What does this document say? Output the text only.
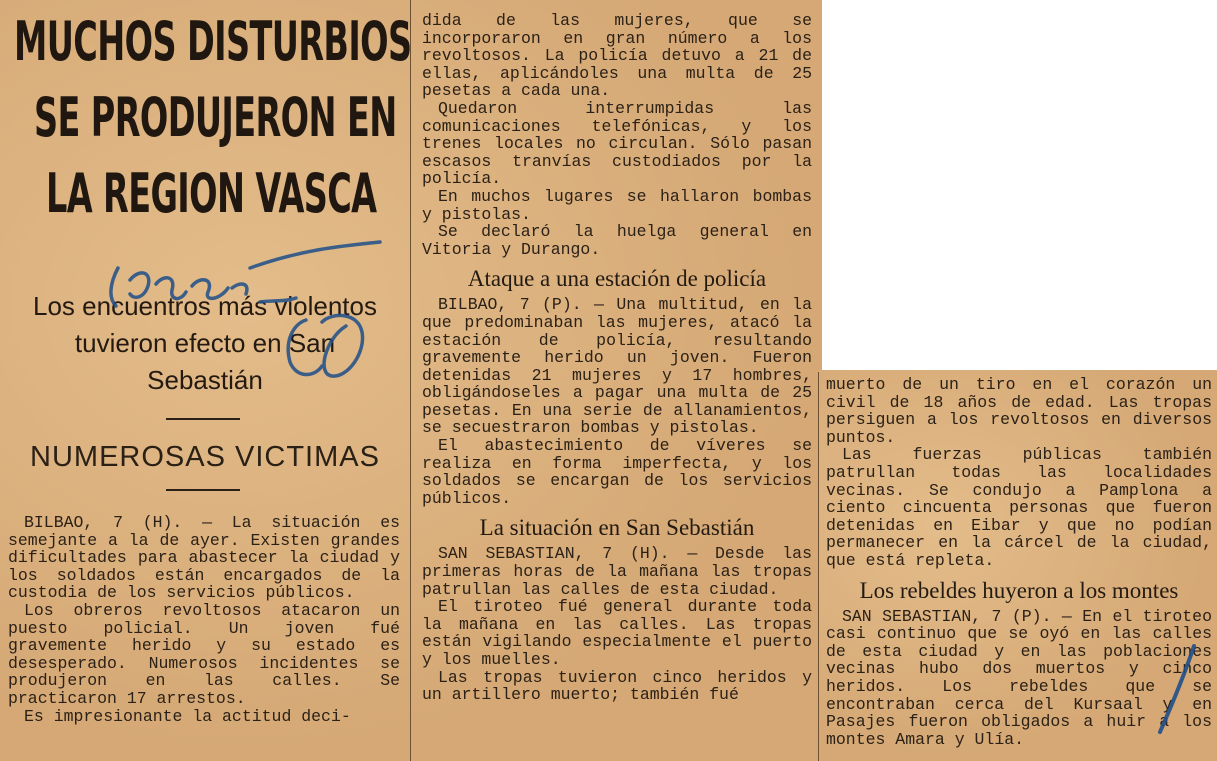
MUCHOS DISTURBIOS
SE PRODUJERON EN
LA REGION VASCA
Los encuentros más violentos
tuvieron efecto en San
Sebastián
NUMEROSAS VICTIMAS

BILBAO, 7 (H). — La situación es semejante a la de ayer. Existen grandes dificultades para abastecer la ciudad y los soldados están encargados de la custodia de los servicios públicos.

Los obreros revoltosos atacaron un puesto policial. Un joven fué gravemente herido y su estado es desesperado. Numerosos incidentes se produjeron en las calles. Se practicaron 17 arrestos.

Es impresionante la actitud deci-

dida de las mujeres, que se incorporaron en gran número a los revoltosos. La policía detuvo a 21 de ellas, aplicándoles una multa de 25 pesetas a cada una.

Quedaron interrumpidas las comunicaciones telefónicas, y los trenes locales no circulan. Sólo pasan escasos tranvías custodiados por la policía.

En muchos lugares se hallaron bombas y pistolas.

Se declaró la huelga general en Vitoria y Durango.

Ataque a una estación de policía

BILBAO, 7 (P). — Una multitud, en la que predominaban las mujeres, atacó la estación de policía, resultando gravemente herido un joven. Fueron detenidas 21 mujeres y 17 hombres, obligándoseles a pagar una multa de 25 pesetas. En una serie de allanamientos, se secuestraron bombas y pistolas.

El abastecimiento de víveres se realiza en forma imperfecta, y los soldados se encargan de los servicios públicos.

La situación en San Sebastián

SAN SEBASTIAN, 7 (H). — Desde las primeras horas de la mañana las tropas patrullan las calles de esta ciudad.

El tiroteo fué general durante toda la mañana en las calles. Las tropas están vigilando especialmente el puerto y los muelles.

Las tropas tuvieron cinco heridos y un artillero muerto; también fué

muerto de un tiro en el corazón un civil de 18 años de edad. Las tropas persiguen a los revoltosos en diversos puntos.

Las fuerzas públicas también patrullan todas las localidades vecinas. Se condujo a Pamplona a ciento cincuenta personas que fueron detenidas en Eibar y que no podían permanecer en la cárcel de la ciudad, que está repleta.

Los rebeldes huyeron a los montes

SAN SEBASTIAN, 7 (P). — En el tiroteo casi continuo que se oyó en las calles de esta ciudad y en las poblaciones vecinas hubo dos muertos y cinco heridos. Los rebeldes que se encontraban cerca del Kursaal y en Pasajes fueron obligados a huir a los montes Amara y Ulía.
